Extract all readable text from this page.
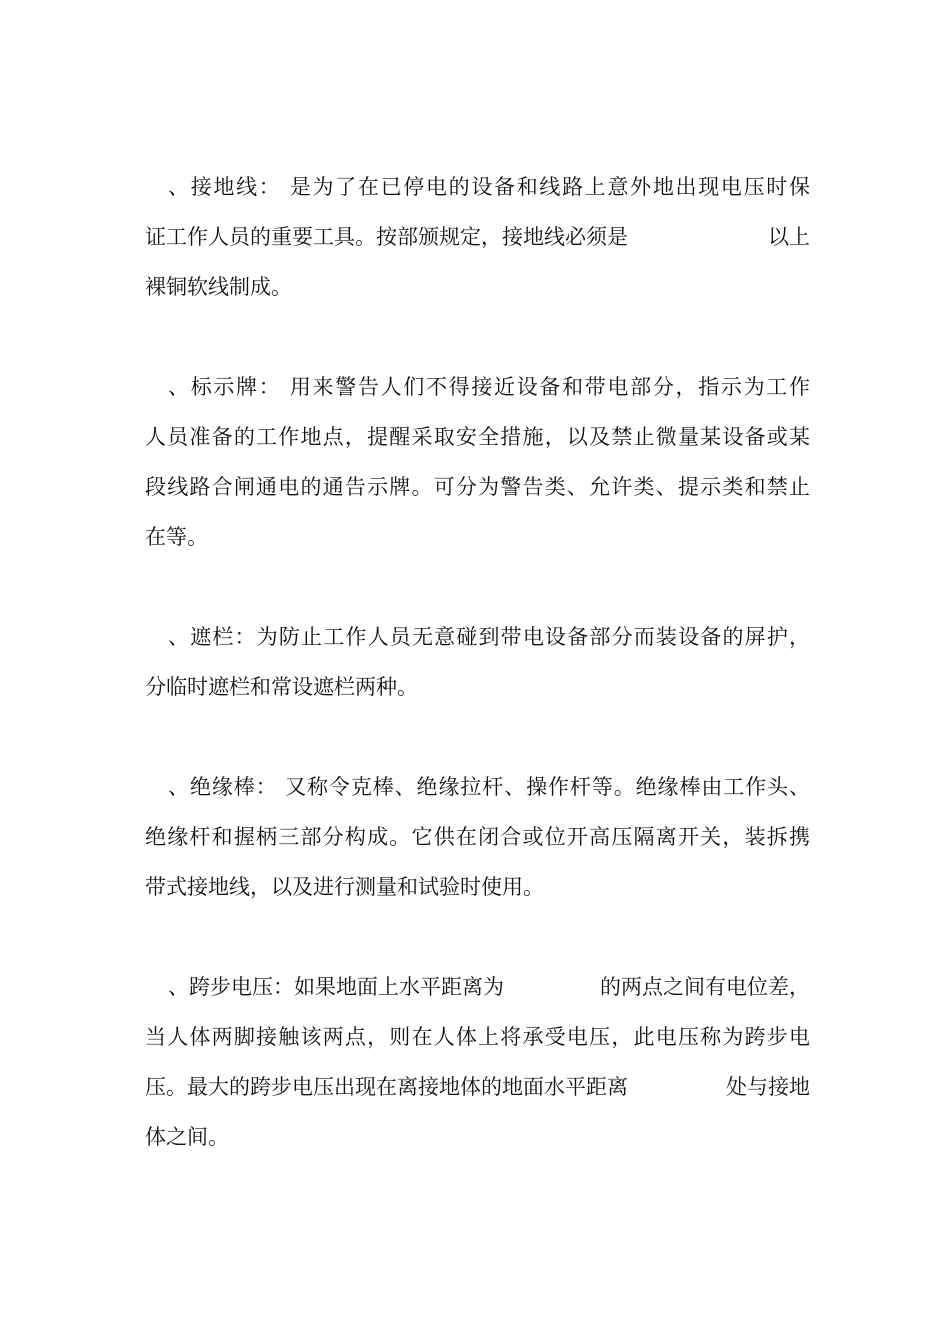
、接地线： 是为了在已停电的设备和线路上意外地出现电压时保
证工作人员的重要工具。按部颁规定，接地线必须是	以上
裸铜软线制成。
、标示牌： 用来警告人们不得接近设备和带电部分，指示为工作
人员准备的工作地点，提醒采取安全措施，以及禁止微量某设备或某
段线路合闸通电的通告示牌。可分为警告类、允许类、提示类和禁止
在等。
、遮栏：为防止工作人员无意碰到带电设备部分而装设备的屏护，
分临时遮栏和常设遮栏两种。
、绝缘棒： 又称令克棒、绝缘拉杆、操作杆等。绝缘棒由工作头、
绝缘杆和握柄三部分构成。它供在闭合或位开高压隔离开关，装拆携
带式接地线，以及进行测量和试验时使用。
、跨步电压：如果地面上水平距离为	的两点之间有电位差，
当人体两脚接触该两点，则在人体上将承受电压，此电压称为跨步电
压。最大的跨步电压出现在离接地体的地面水平距离	处与接地
体之间。
